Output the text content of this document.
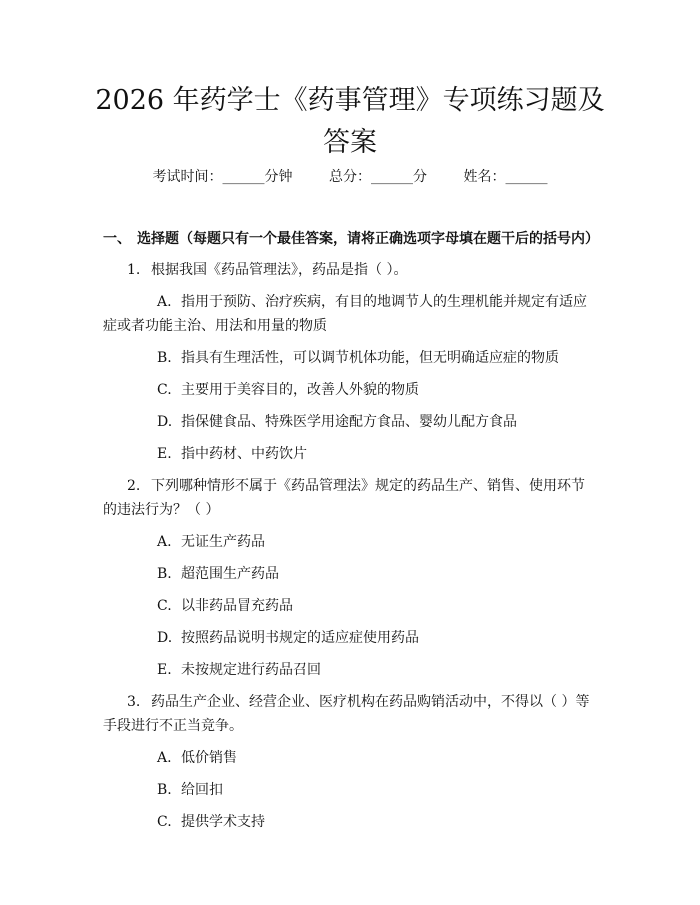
2026 年药学士《药事管理》专项练习题及答案
考试时间：______分钟	总分：______分	姓名：______
一、 选择题（每题只有一个最佳答案，请将正确选项字母填在题干后的括号内）
1. 根据我国《药品管理法》，药品是指（ ）。
A. 指用于预防、治疗疾病，有目的地调节人的生理机能并规定有适应症或者功能主治、用法和用量的物质
B. 指具有生理活性，可以调节机体功能，但无明确适应症的物质
C. 主要用于美容目的，改善人外貌的物质
D. 指保健食品、特殊医学用途配方食品、婴幼儿配方食品
E. 指中药材、中药饮片
2. 下列哪种情形不属于《药品管理法》规定的药品生产、销售、使用环节的违法行为？（ ）
A. 无证生产药品
B. 超范围生产药品
C. 以非药品冒充药品
D. 按照药品说明书规定的适应症使用药品
E. 未按规定进行药品召回
3. 药品生产企业、经营企业、医疗机构在药品购销活动中，不得以（ ）等手段进行不正当竞争。
A. 低价销售
B. 给回扣
C. 提供学术支持
